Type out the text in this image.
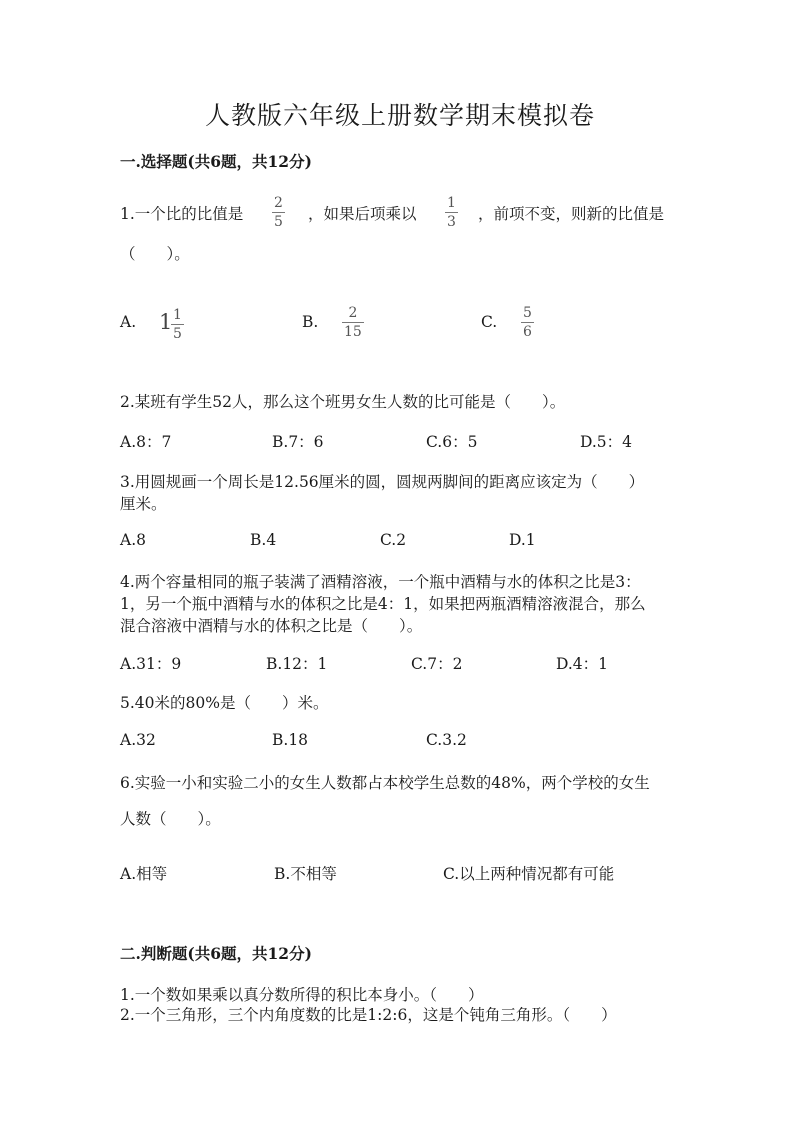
人教版六年级上册数学期末模拟卷
一.选择题(共6题，共12分)
1.一个比的比值是 $\frac{2}{5}$ ，如果后项乘以 $\frac{1}{3}$ ，前项不变，则新的比值是
（　　）。
A. 1
$\frac{1}{5}$	B. $\frac{2}{15}$	C. $\frac{5}{6}$
2.某班有学生52人，那么这个班男女生人数的比可能是（　　）。
A.8：7	B.7：6	C.6：5	D.5：4
3.用圆规画一个周长是12.56厘米的圆，圆规两脚间的距离应该定为（　　）
厘米。
A.8	B.4	C.2	D.1
4.两个容量相同的瓶子装满了酒精溶液，一个瓶中酒精与水的体积之比是3：
1，另一个瓶中酒精与水的体积之比是4：1，如果把两瓶酒精溶液混合，那么
混合溶液中酒精与水的体积之比是（　　）。
A.31：9	B.12：1	C.7：2	D.4：1
5.40米的80%是（　　）米。
A.32	B.18	C.3.2
6.实验一小和实验二小的女生人数都占本校学生总数的48%，两个学校的女生
人数（　　）。
A.相等	B.不相等	C.以上两种情况都有可能
二.判断题(共6题，共12分)
1.一个数如果乘以真分数所得的积比本身小。（　　）
2.一个三角形，三个内角度数的比是1:2:6，这是个钝角三角形。（　　）
